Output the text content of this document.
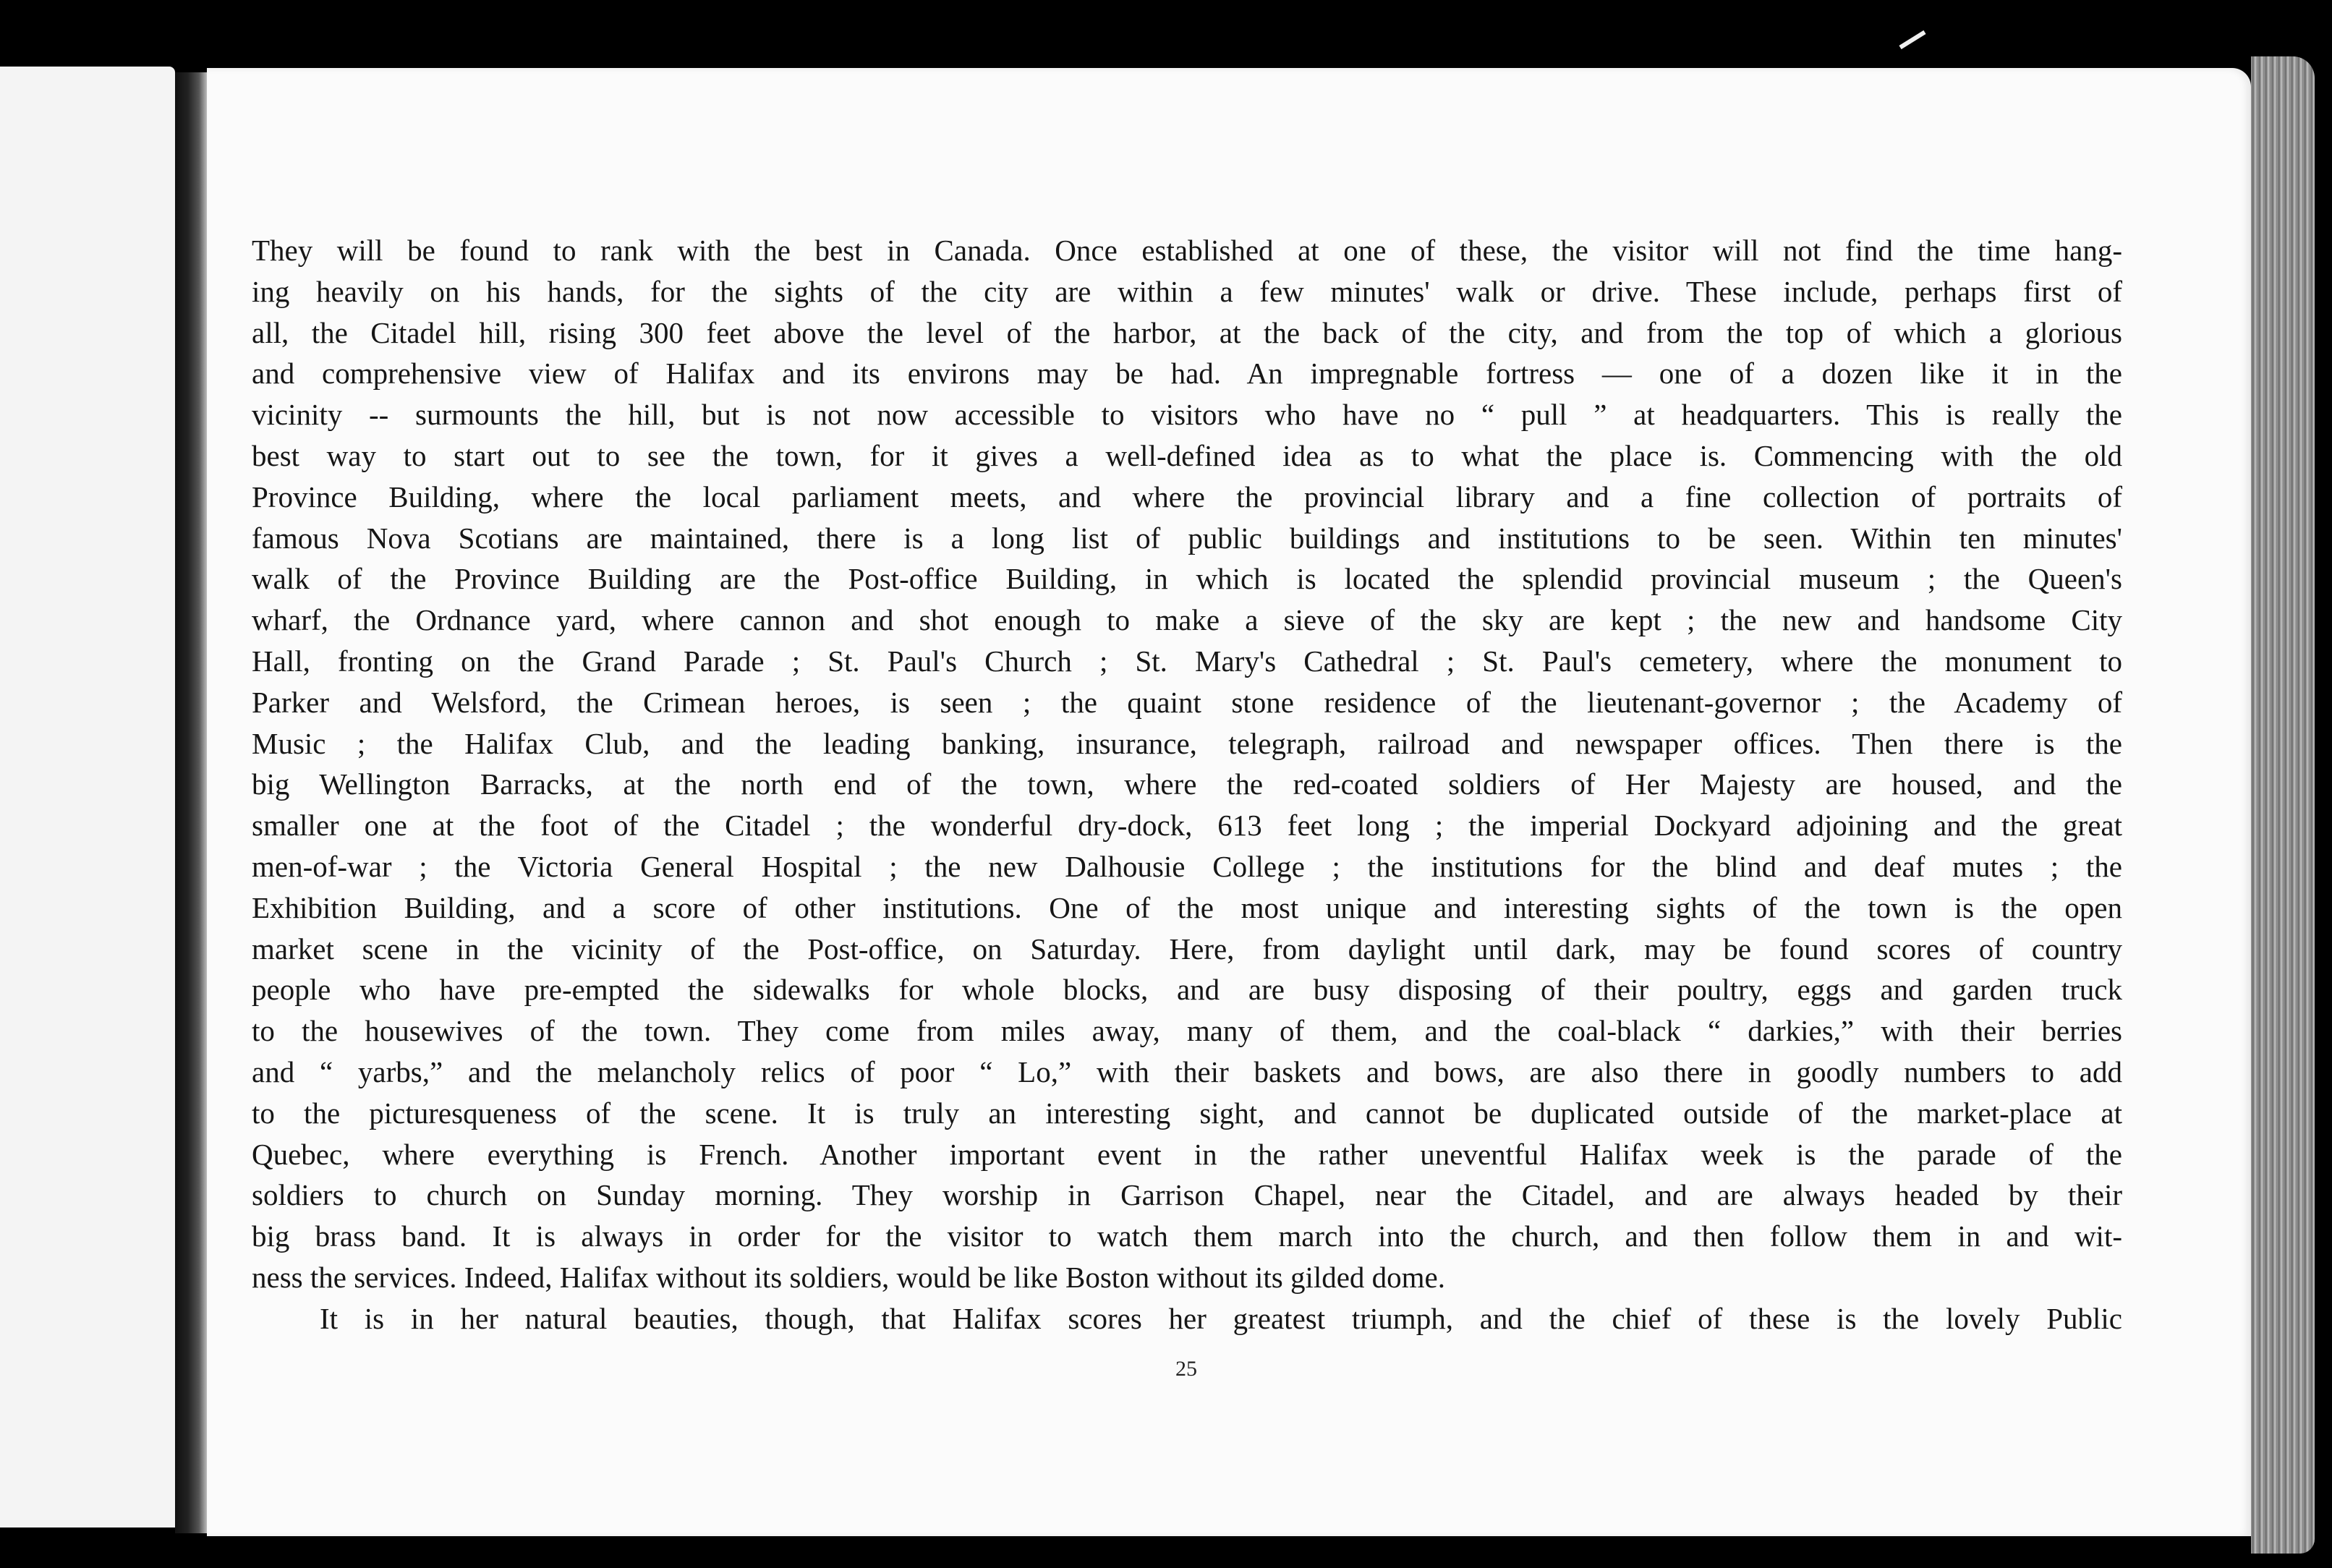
They will be found to rank with the best in Canada. Once established at one of these, the visitor will not find the time hang-

ing heavily on his hands, for the sights of the city are within a few minutes' walk or drive. These include, perhaps first of

all, the Citadel hill, rising 300 feet above the level of the harbor, at the back of the city, and from the top of which a glorious

and comprehensive view of Halifax and its environs may be had. An impregnable fortress — one of a dozen like it in the

vicinity -- surmounts the hill, but is not now accessible to visitors who have no “ pull ” at headquarters. This is really the

best way to start out to see the town, for it gives a well-defined idea as to what the place is. Commencing with the old

Province Building, where the local parliament meets, and where the provincial library and a fine collection of portraits of

famous Nova Scotians are maintained, there is a long list of public buildings and institutions to be seen. Within ten minutes'

walk of the Province Building are the Post-office Building, in which is located the splendid provincial museum ; the Queen's

wharf, the Ordnance yard, where cannon and shot enough to make a sieve of the sky are kept ; the new and handsome City

Hall, fronting on the Grand Parade ; St. Paul's Church ; St. Mary's Cathedral ; St. Paul's cemetery, where the monument to

Parker and Welsford, the Crimean heroes, is seen ; the quaint stone residence of the lieutenant-governor ; the Academy of

Music ; the Halifax Club, and the leading banking, insurance, telegraph, railroad and newspaper offices. Then there is the

big Wellington Barracks, at the north end of the town, where the red-coated soldiers of Her Majesty are housed, and the

smaller one at the foot of the Citadel ; the wonderful dry-dock, 613 feet long ; the imperial Dockyard adjoining and the great

men-of-war ; the Victoria General Hospital ; the new Dalhousie College ; the institutions for the blind and deaf mutes ; the

Exhibition Building, and a score of other institutions. One of the most unique and interesting sights of the town is the open

market scene in the vicinity of the Post-office, on Saturday. Here, from daylight until dark, may be found scores of country

people who have pre-empted the sidewalks for whole blocks, and are busy disposing of their poultry, eggs and garden truck

to the housewives of the town. They come from miles away, many of them, and the coal-black “ darkies,” with their berries

and “ yarbs,” and the melancholy relics of poor “ Lo,” with their baskets and bows, are also there in goodly numbers to add

to the picturesqueness of the scene. It is truly an interesting sight, and cannot be duplicated outside of the market-place at

Quebec, where everything is French. Another important event in the rather uneventful Halifax week is the parade of the

soldiers to church on Sunday morning. They worship in Garrison Chapel, near the Citadel, and are always headed by their

big brass band. It is always in order for the visitor to watch them march into the church, and then follow them in and wit-

ness the services. Indeed, Halifax without its soldiers, would be like Boston without its gilded dome.

It is in her natural beauties, though, that Halifax scores her greatest triumph, and the chief of these is the lovely Public

25
